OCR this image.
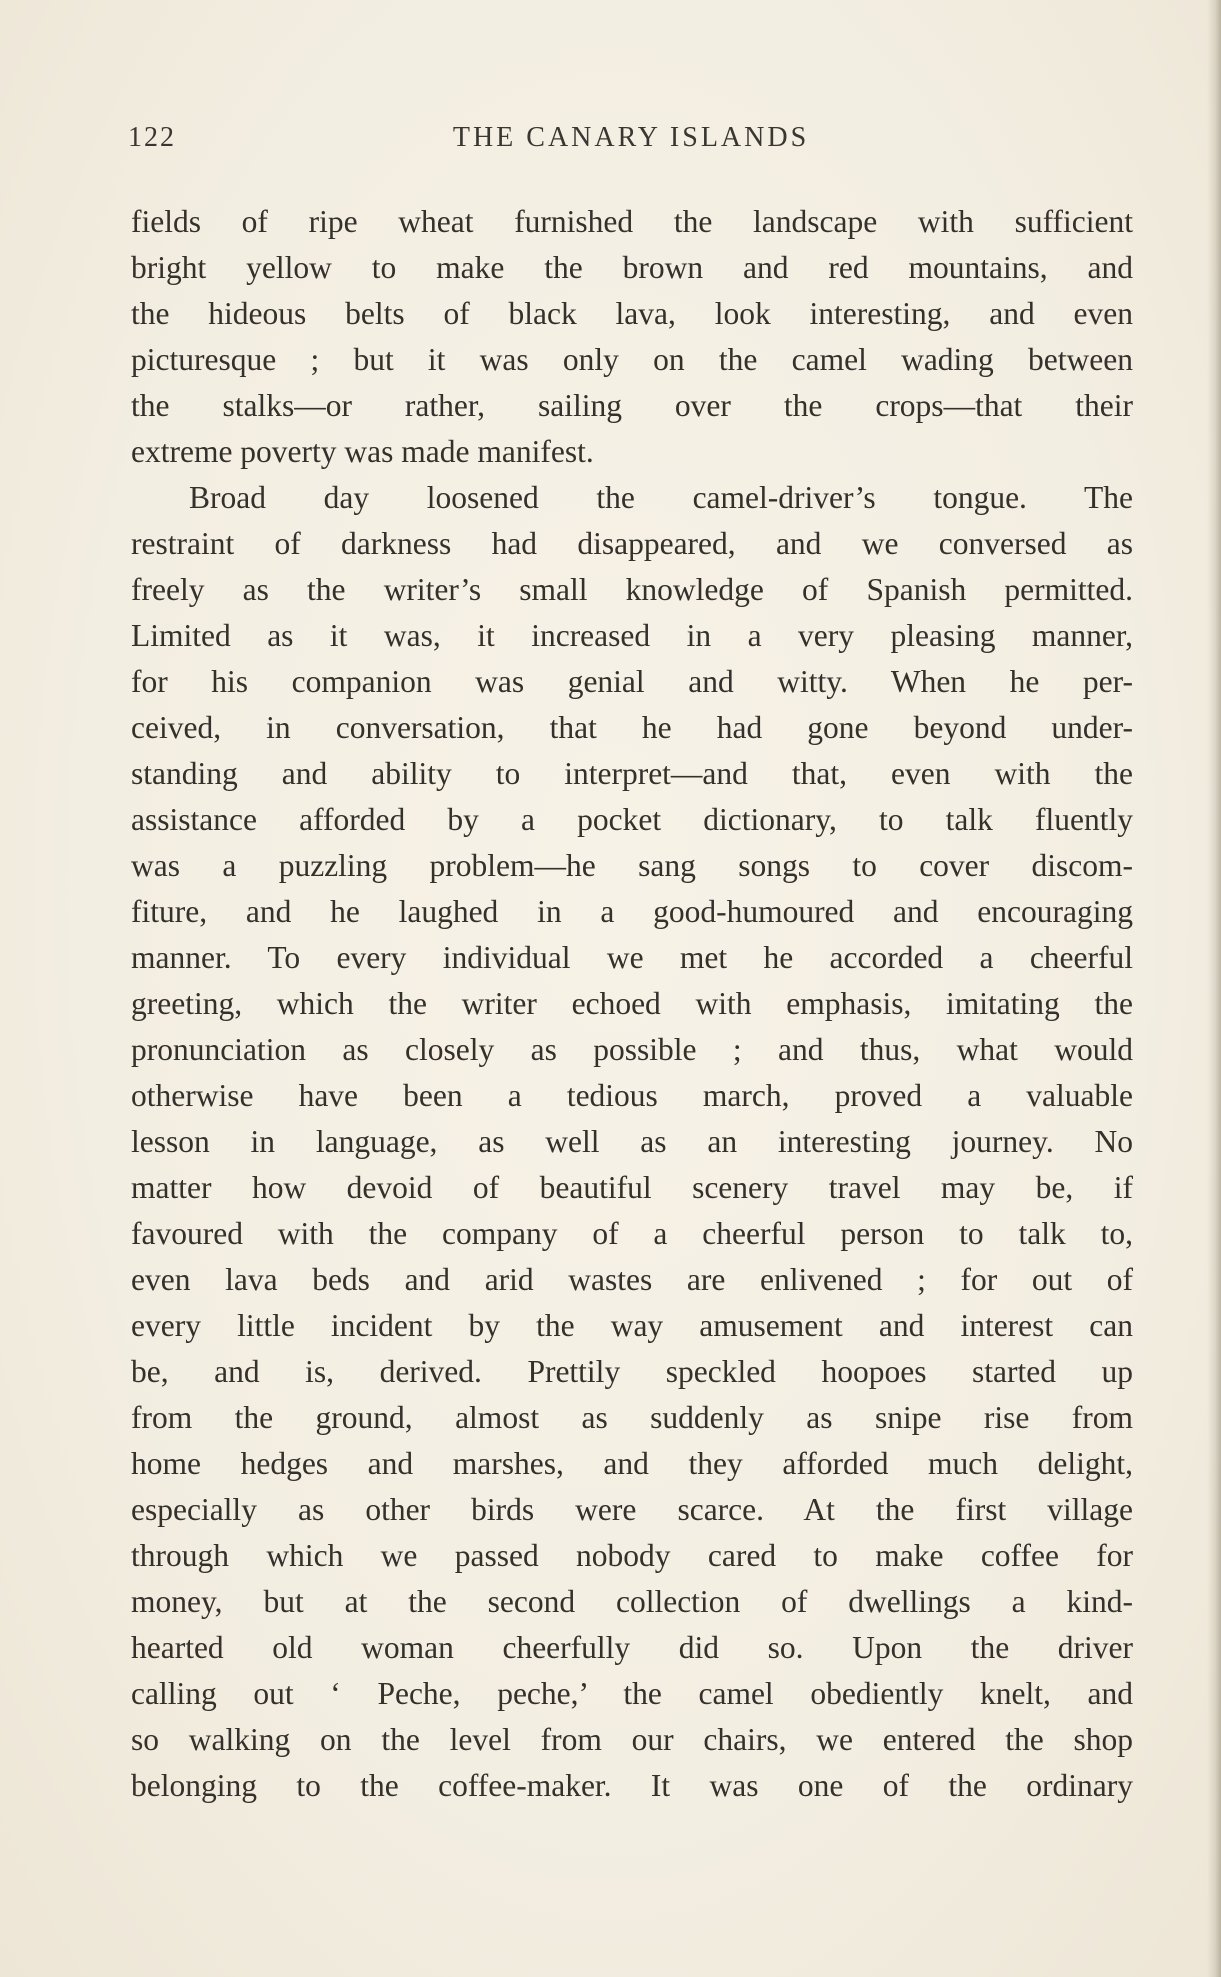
122	THE CANARY ISLANDS
fields of ripe wheat furnished the landscape with sufficient
bright yellow to make the brown and red mountains, and
the hideous belts of black lava, look interesting, and even
picturesque ; but it was only on the camel wading between
the stalks—or rather, sailing over the crops—that their
extreme poverty was made manifest.
Broad day loosened the camel-driver’s tongue. The
restraint of darkness had disappeared, and we conversed as
freely as the writer’s small knowledge of Spanish permitted.
Limited as it was, it increased in a very pleasing manner,
for his companion was genial and witty. When he per-
ceived, in conversation, that he had gone beyond under-
standing and ability to interpret—and that, even with the
assistance afforded by a pocket dictionary, to talk fluently
was a puzzling problem—he sang songs to cover discom-
fiture, and he laughed in a good-humoured and encouraging
manner. To every individual we met he accorded a cheerful
greeting, which the writer echoed with emphasis, imitating the
pronunciation as closely as possible ; and thus, what would
otherwise have been a tedious march, proved a valuable
lesson in language, as well as an interesting journey. No
matter how devoid of beautiful scenery travel may be, if
favoured with the company of a cheerful person to talk to,
even lava beds and arid wastes are enlivened ; for out of
every little incident by the way amusement and interest can
be, and is, derived. Prettily speckled hoopoes started up
from the ground, almost as suddenly as snipe rise from
home hedges and marshes, and they afforded much delight,
especially as other birds were scarce. At the first village
through which we passed nobody cared to make coffee for
money, but at the second collection of dwellings a kind-
hearted old woman cheerfully did so. Upon the driver
calling out ‘ Peche, peche,’ the camel obediently knelt, and
so walking on the level from our chairs, we entered the shop
belonging to the coffee-maker. It was one of the ordinary
